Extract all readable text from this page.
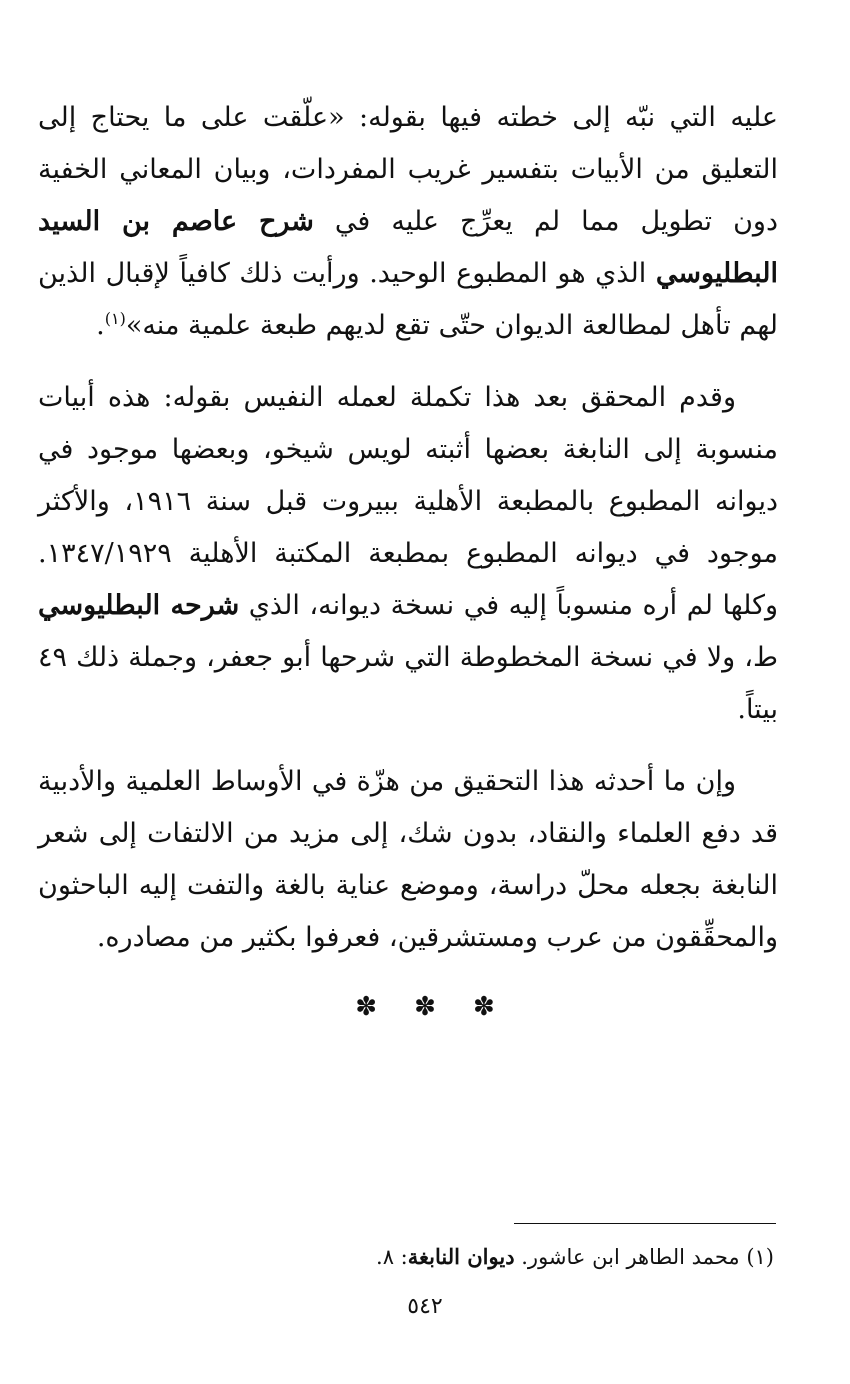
عليه التي نبّه إلى خطته فيها بقوله: «علّقت على ما يحتاج إلى التعليق من الأبيات بتفسير غريب المفردات، وبيان المعاني الخفية دون تطويل مما لم يعرِّج عليه في شرح عاصم بن السيد البطليوسي الذي هو المطبوع الوحيد. ورأيت ذلك كافياً لإقبال الذين لهم تأهل لمطالعة الديوان حتّى تقع لديهم طبعة علمية منه»$^{(١)}$.

وقدم المحقق بعد هذا تكملة لعمله النفيس بقوله: هذه أبيات منسوبة إلى النابغة بعضها أثبته لويس شيخو، وبعضها موجود في ديوانه المطبوع بالمطبعة الأهلية ببيروت قبل سنة ١٩١٦، والأكثر موجود في ديوانه المطبوع بمطبعة المكتبة الأهلية ١٣٤٧/١٩٢٩. وكلها لم أره منسوباً إليه في نسخة ديوانه، الذي شرحه البطليوسي ط، ولا في نسخة المخطوطة التي شرحها أبو جعفر، وجملة ذلك ٤٩ بيتاً.

وإن ما أحدثه هذا التحقيق من هزّة في الأوساط العلمية والأدبية قد دفع العلماء والنقاد، بدون شك، إلى مزيد من الالتفات إلى شعر النابغة بجعله محلّ دراسة، وموضع عناية بالغة والتفت إليه الباحثون والمحقِّقون من عرب ومستشرقين، فعرفوا بكثير من مصادره.

✽ ✽ ✽
(١) محمد الطاهر ابن عاشور. ديوان النابغة: ٨.
٥٤٢
